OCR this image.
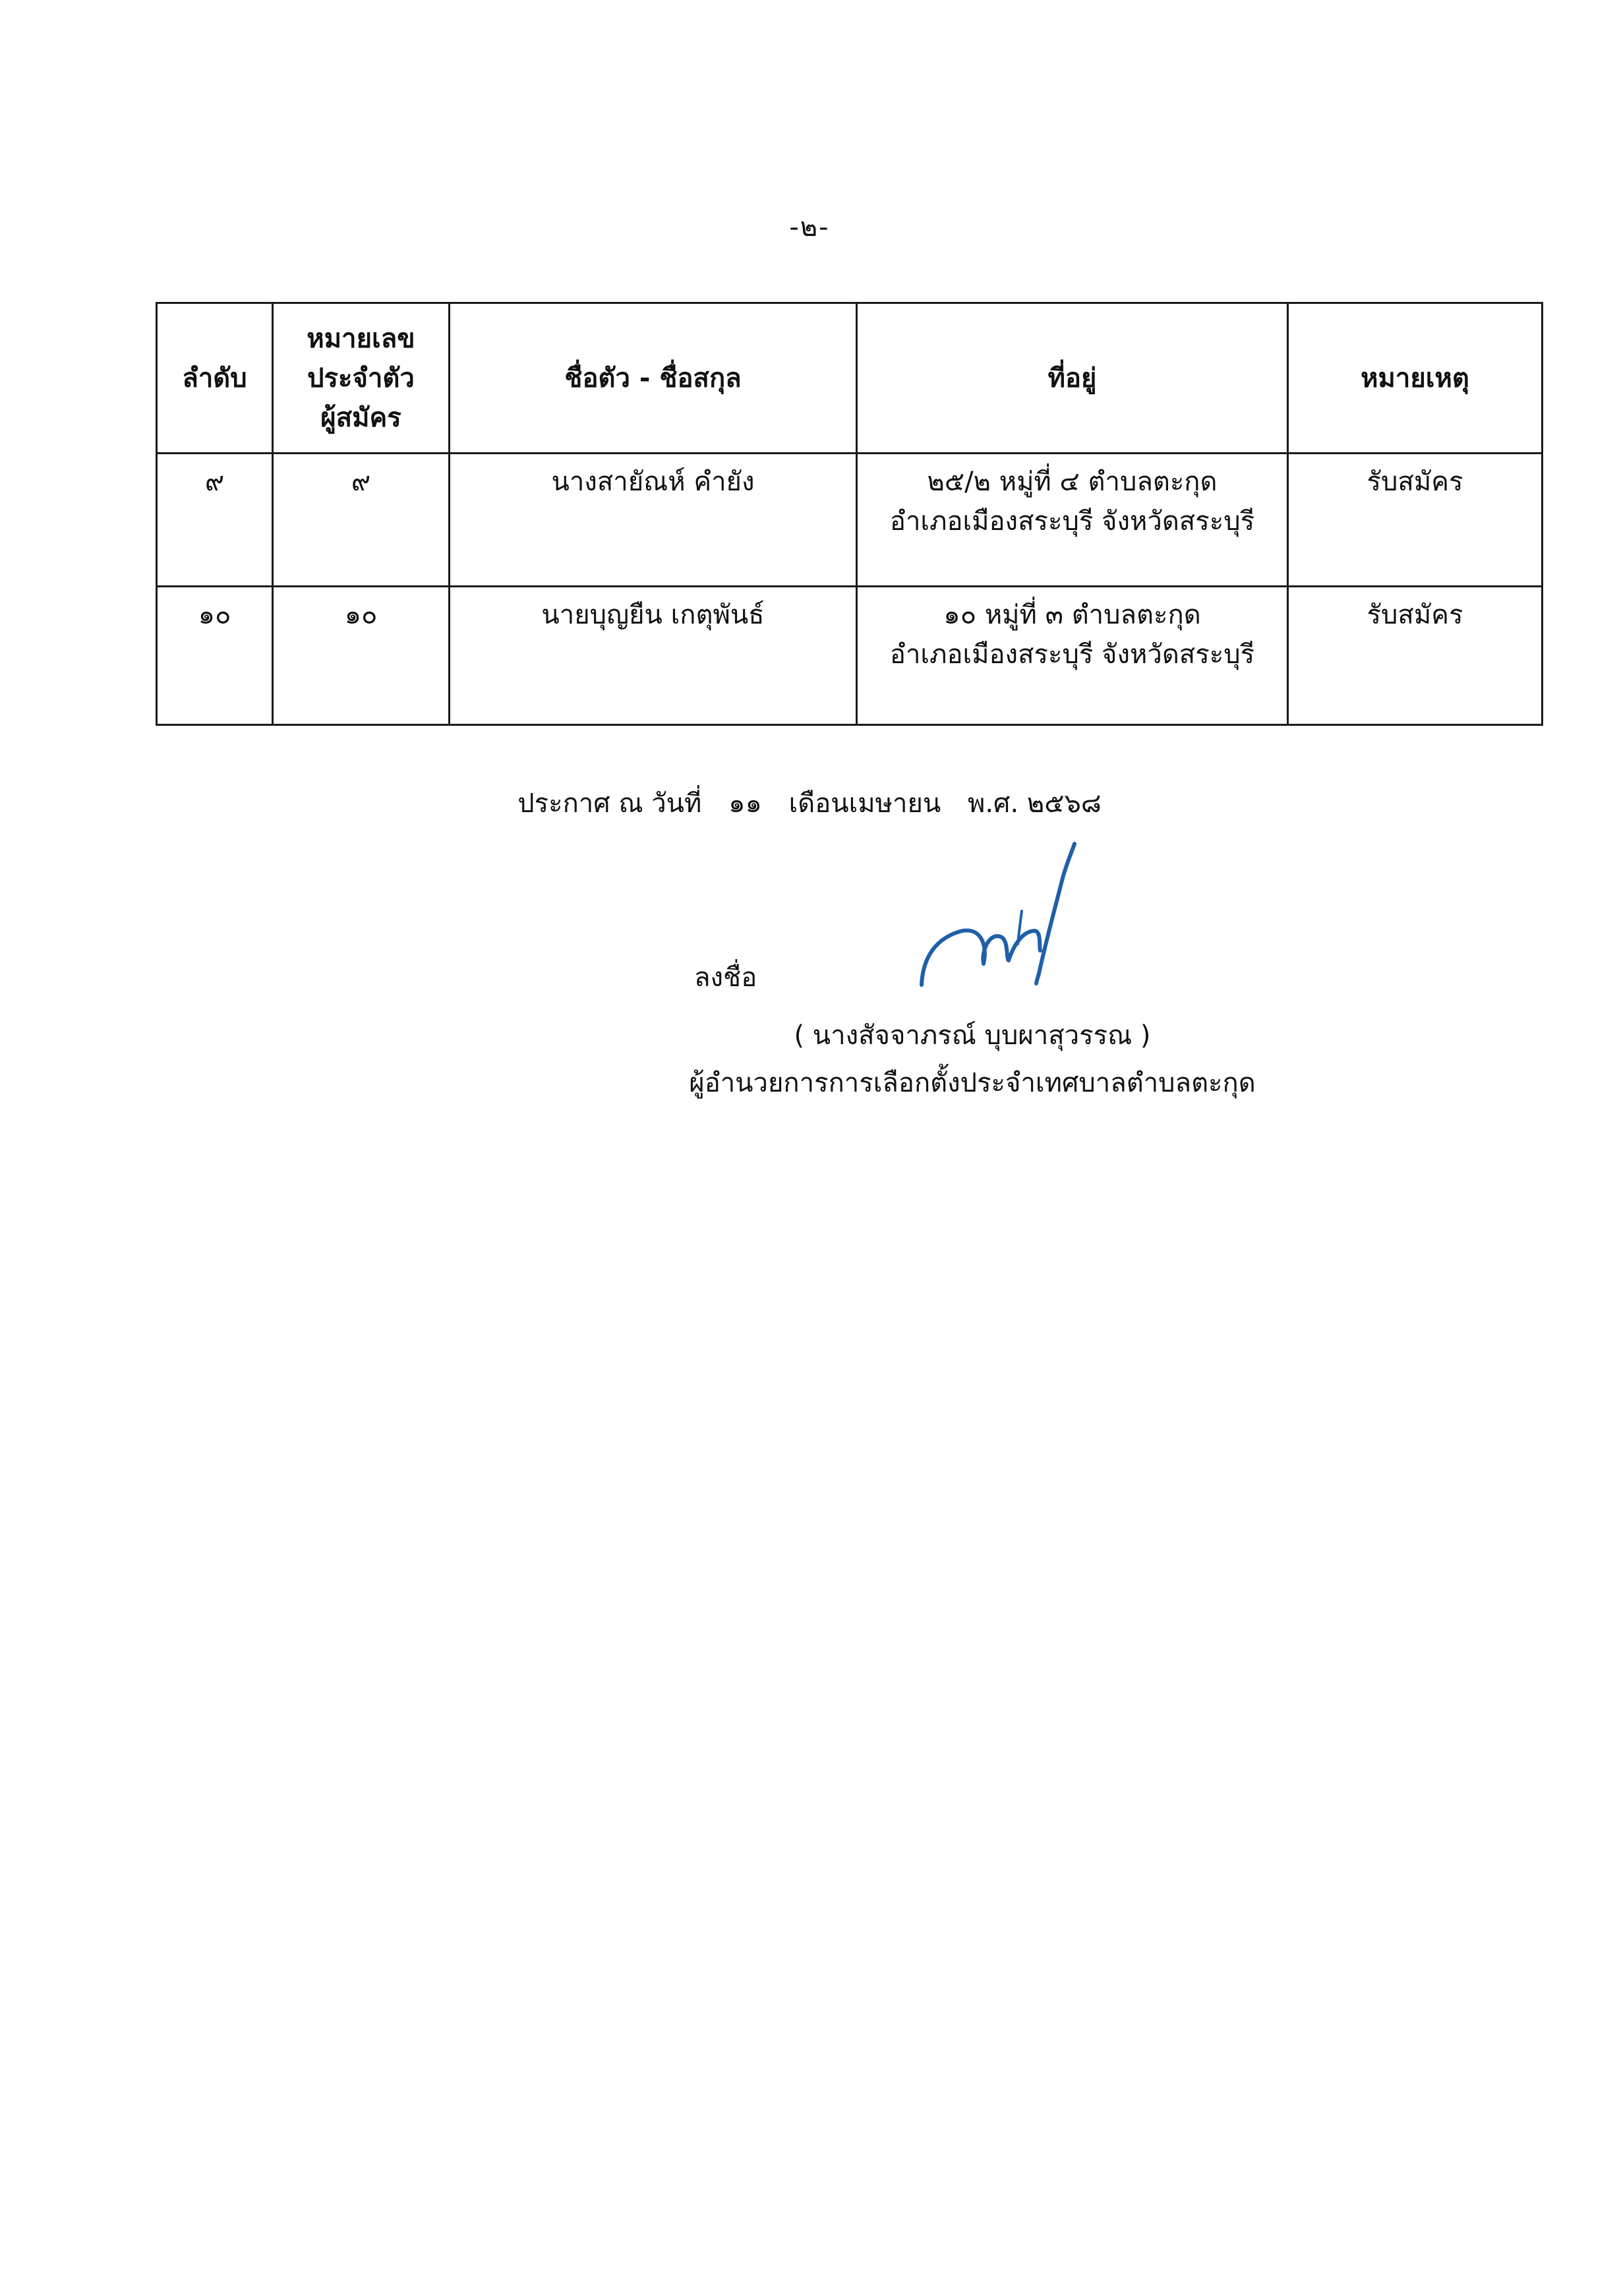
-๒-
ลำดับ	หมายเลข
ประจำตัว
ผู้สมัคร	ชื่อตัว - ชื่อสกุล	ที่อยู่	หมายเหตุ
๙	๙	นางสายัณห์ คำยัง	๒๕/๒ หมู่ที่ ๔ ตำบลตะกุด
อำเภอเมืองสระบุรี จังหวัดสระบุรี	รับสมัคร
๑๐	๑๐	นายบุญยืน เกตุพันธ์	๑๐ หมู่ที่ ๓ ตำบลตะกุด
อำเภอเมืองสระบุรี จังหวัดสระบุรี	รับสมัคร
ประกาศ ณ วันที่ ๑๑ เดือนเมษายน พ.ศ. ๒๕๖๘
ลงชื่อ
( นางสัจจาภรณ์ บุบผาสุวรรณ )
ผู้อำนวยการการเลือกตั้งประจำเทศบาลตำบลตะกุด
